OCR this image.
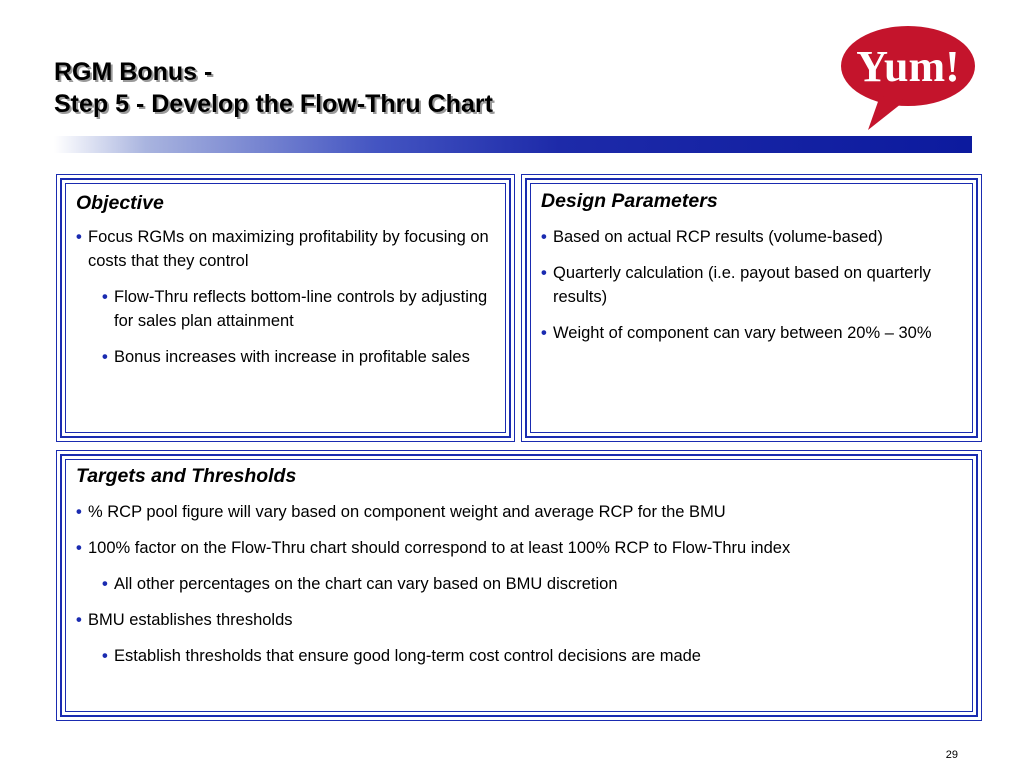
RGM Bonus -
Step 5 - Develop the Flow-Thru Chart
Yum!
Objective
• Focus RGMs on maximizing profitability by focusing on costs that they control
• Flow-Thru reflects bottom-line controls by adjusting for sales plan attainment
• Bonus increases with increase in profitable sales
Design Parameters
• Based on actual RCP results (volume-based)
• Quarterly calculation (i.e. payout based on quarterly results)
• Weight of component can vary between 20% – 30%
Targets and Thresholds
• % RCP pool figure will vary based on component weight and average RCP for the BMU
• 100% factor on the Flow-Thru chart should correspond to at least 100% RCP to Flow-Thru index
• All other percentages on the chart can vary based on BMU discretion
• BMU establishes thresholds
• Establish thresholds that ensure good long-term cost control decisions are made
29
